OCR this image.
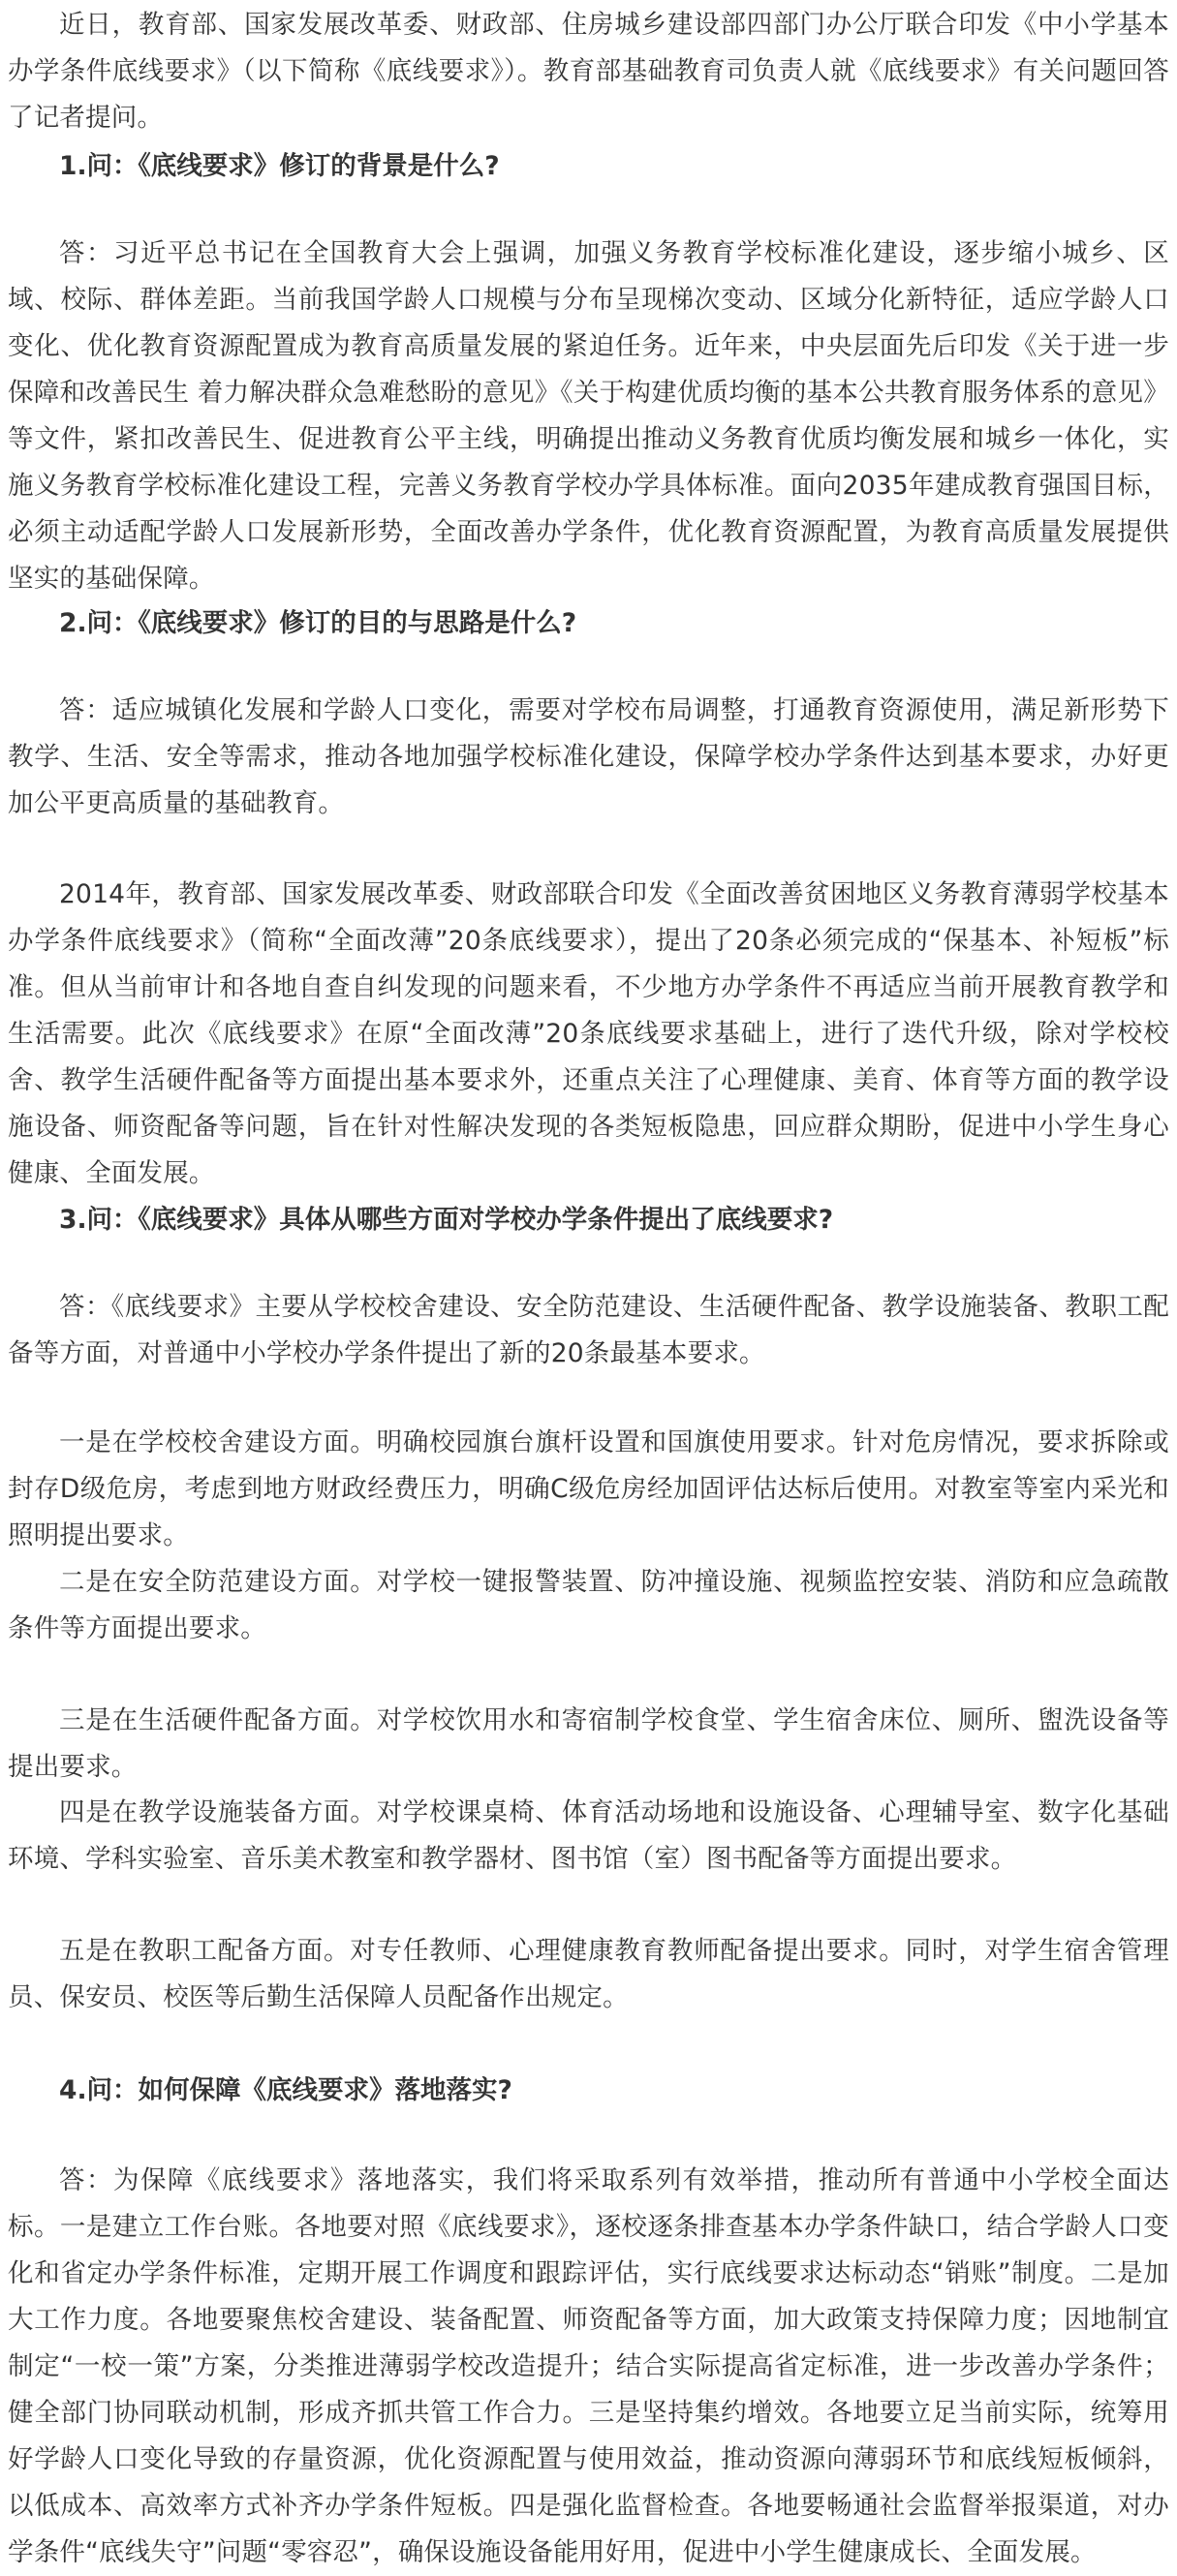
近日，教育部、国家发展改革委、财政部、住房城乡建设部四部门办公厅联合印发《中小学基本办学条件底线要求》（以下简称《底线要求》）。教育部基础教育司负责人就《底线要求》有关问题回答了记者提问。

1.问：《底线要求》修订的背景是什么?

答：习近平总书记在全国教育大会上强调，加强义务教育学校标准化建设，逐步缩小城乡、区域、校际、群体差距。当前我国学龄人口规模与分布呈现梯次变动、区域分化新特征，适应学龄人口变化、优化教育资源配置成为教育高质量发展的紧迫任务。近年来，中央层面先后印发《关于进一步保障和改善民生 着力解决群众急难愁盼的意见》《关于构建优质均衡的基本公共教育服务体系的意见》等文件，紧扣改善民生、促进教育公平主线，明确提出推动义务教育优质均衡发展和城乡一体化，实施义务教育学校标准化建设工程，完善义务教育学校办学具体标准。面向2035年建成教育强国目标，必须主动适配学龄人口发展新形势，全面改善办学条件，优化教育资源配置，为教育高质量发展提供坚实的基础保障。

2.问：《底线要求》修订的目的与思路是什么?

答：适应城镇化发展和学龄人口变化，需要对学校布局调整，打通教育资源使用，满足新形势下教学、生活、安全等需求，推动各地加强学校标准化建设，保障学校办学条件达到基本要求，办好更加公平更高质量的基础教育。

2014年，教育部、国家发展改革委、财政部联合印发《全面改善贫困地区义务教育薄弱学校基本办学条件底线要求》（简称“全面改薄”20条底线要求），提出了20条必须完成的“保基本、补短板”标准。但从当前审计和各地自查自纠发现的问题来看，不少地方办学条件不再适应当前开展教育教学和生活需要。此次《底线要求》在原“全面改薄”20条底线要求基础上，进行了迭代升级，除对学校校舍、教学生活硬件配备等方面提出基本要求外，还重点关注了心理健康、美育、体育等方面的教学设施设备、师资配备等问题，旨在针对性解决发现的各类短板隐患，回应群众期盼，促进中小学生身心健康、全面发展。

3.问：《底线要求》具体从哪些方面对学校办学条件提出了底线要求?

答：《底线要求》主要从学校校舍建设、安全防范建设、生活硬件配备、教学设施装备、教职工配备等方面，对普通中小学校办学条件提出了新的20条最基本要求。

一是在学校校舍建设方面。明确校园旗台旗杆设置和国旗使用要求。针对危房情况，要求拆除或封存D级危房，考虑到地方财政经费压力，明确C级危房经加固评估达标后使用。对教室等室内采光和照明提出要求。

二是在安全防范建设方面。对学校一键报警装置、防冲撞设施、视频监控安装、消防和应急疏散条件等方面提出要求。

三是在生活硬件配备方面。对学校饮用水和寄宿制学校食堂、学生宿舍床位、厕所、盥洗设备等提出要求。

四是在教学设施装备方面。对学校课桌椅、体育活动场地和设施设备、心理辅导室、数字化基础环境、学科实验室、音乐美术教室和教学器材、图书馆（室）图书配备等方面提出要求。

五是在教职工配备方面。对专任教师、心理健康教育教师配备提出要求。同时，对学生宿舍管理员、保安员、校医等后勤生活保障人员配备作出规定。

4.问：如何保障《底线要求》落地落实?

答：为保障《底线要求》落地落实，我们将采取系列有效举措，推动所有普通中小学校全面达标。一是建立工作台账。各地要对照《底线要求》，逐校逐条排查基本办学条件缺口，结合学龄人口变化和省定办学条件标准，定期开展工作调度和跟踪评估，实行底线要求达标动态“销账”制度。二是加大工作力度。各地要聚焦校舍建设、装备配置、师资配备等方面，加大政策支持保障力度；因地制宜制定“一校一策”方案，分类推进薄弱学校改造提升；结合实际提高省定标准，进一步改善办学条件；健全部门协同联动机制，形成齐抓共管工作合力。三是坚持集约增效。各地要立足当前实际，统筹用好学龄人口变化导致的存量资源，优化资源配置与使用效益，推动资源向薄弱环节和底线短板倾斜，以低成本、高效率方式补齐办学条件短板。四是强化监督检查。各地要畅通社会监督举报渠道，对办学条件“底线失守”问题“零容忍”，确保设施设备能用好用，促进中小学生健康成长、全面发展。
